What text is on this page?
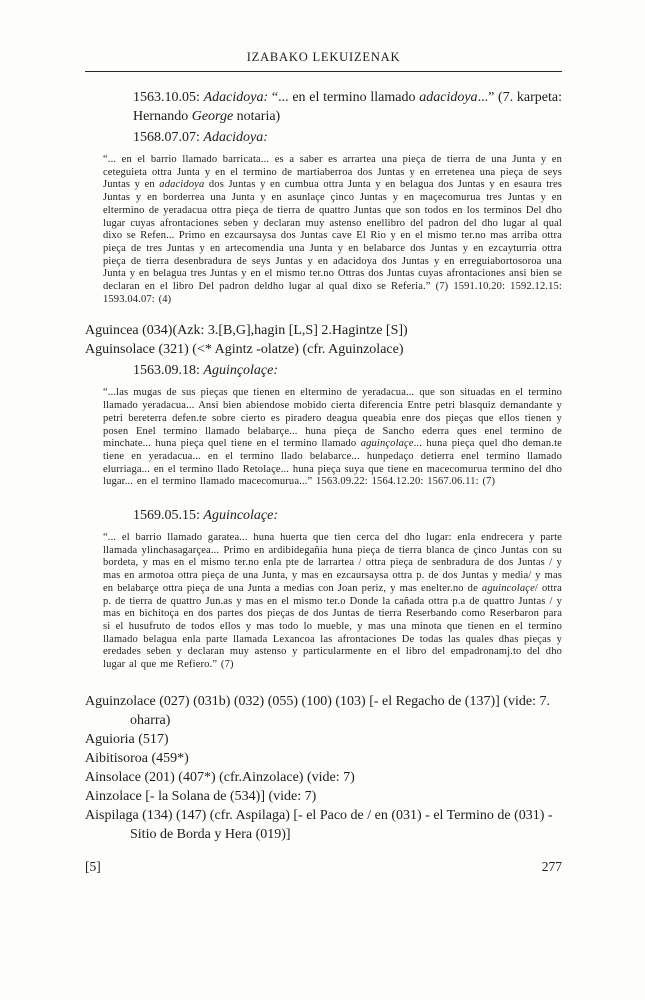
IZABAKO LEKUIZENAK

1563.10.05: Adacidoya: “... en el termino llamado adacidoya...” (7. karpeta: Hernando George notaria)

1568.07.07: Adacidoya:

“... en el barrio llamado barricata... es a saber es arrartea una pieça de tierra de una Junta y en ceteguieta ottra Junta y en el termino de martiaberroa dos Juntas y en erretenea una pieça de seys Juntas y en adacidoya dos Juntas y en cumbua ottra Junta y en belagua dos Juntas y en esaura tres Juntas y en borderrea una Junta y en asunlaçe çinco Juntas y en maçecomurua tres Juntas y en eltermino de yeradacua ottra pieça de tierra de quattro Juntas que son todos en los terminos Del dho lugar cuyas afrontaciones seben y declaran muy astenso enellibro del padron del dho lugar al qual dixo se Refen... Primo en ezcaursaysa dos Juntas cave El Rio y en el mismo ter.no mas arriba ottra pieça de tres Juntas y en artecomendia una Junta y en belabarce dos Juntas y en ezcayturria ottra pieça de tierra desenbradura de seys Juntas y en adacidoya dos Juntas y en erreguiabortosoroa una Junta y en belagua tres Juntas y en el mismo ter.no Ottras dos Juntas cuyas afrontaciones ansi bien se declaran en el libro Del padron deldho lugar al qual dixo se Referia.” (7) 1591.10.20: 1592.12.15: 1593.04.07: (4)

Aguincea (034)(Azk: 3.[B,G],hagin [L,S] 2.Hagintze [S])

Aguinsolace (321) (<* Agintz -olatze) (cfr. Aguinzolace)

1563.09.18: Aguinçolaçe:

“...las mugas de sus pieças que tienen en eltermino de yeradacua... que son situadas en el termino llamado yeradacua... Ansi bien abiendose mobido cierta diferencia Entre petri blasquiz demandante y petri bereterra defen.te sobre cierto es piradero deagua queabia enre dos pieças que ellos tienen y posen Enel termino llamado belabarçe... huna pieça de Sancho ederra ques enel termino de minchate... huna pieça quel tiene en el termino llamado aguinçolaçe... huna pieça quel dho deman.te tiene en yeradacua... en el termino llado belabarce... hunpedaço detierra enel termino llamado elurriaga... en el termino llado Retolaçe... huna pieça suya que tiene en macecomurua termino del dho lugar... en el termino llamado macecomurua...” 1563.09.22: 1564.12.20: 1567.06.11: (7)

1569.05.15: Aguincolaçe:

“... el barrio llamado garatea... huna huerta que tien cerca del dho lugar: enla endrecera y parte llamada ylinchasagarçea... Primo en ardibidegañia huna pieça de tierra blanca de çinco Juntas con su bordeta, y mas en el mismo ter.no enla pte de larrartea / ottra pieça de senbradura de dos Juntas / y mas en armotoa ottra pieça de una Junta, y mas en ezcaursaysa ottra p. de dos Juntas y media/ y mas en belabarçe ottra pieça de una Junta a medias con Joan periz, y mas enelter.no de aguincolaçe/ ottra p. de tierra de quattro Jun.as y mas en el mismo ter.o Donde la cañada ottra p.a de quattro Juntas / y mas en bichitoça en dos partes dos pieças de dos Juntas de tierra Reserbando como Reserbaron para si el husufruto de todos ellos y mas todo lo mueble, y mas una minota que tienen en el termino llamado belagua enla parte llamada Lexancoa las afrontaciones De todas las quales dhas pieças y eredades seben y declaran muy astenso y particularmente en el libro del empadronamj.to del dho lugar al que me Refiero.” (7)

Aguinzolace (027) (031b) (032) (055) (100) (103) [- el Regacho de (137)] (vide: 7. oharra)

Aguioria (517)

Aibitisoroa (459*)

Ainsolace (201) (407*) (cfr.Ainzolace) (vide: 7)

Ainzolace [- la Solana de (534)] (vide: 7)

Aispilaga (134) (147) (cfr. Aspilaga) [- el Paco de / en (031) - el Termino de (031) - Sitio de Borda y Hera (019)]

[5]	277
